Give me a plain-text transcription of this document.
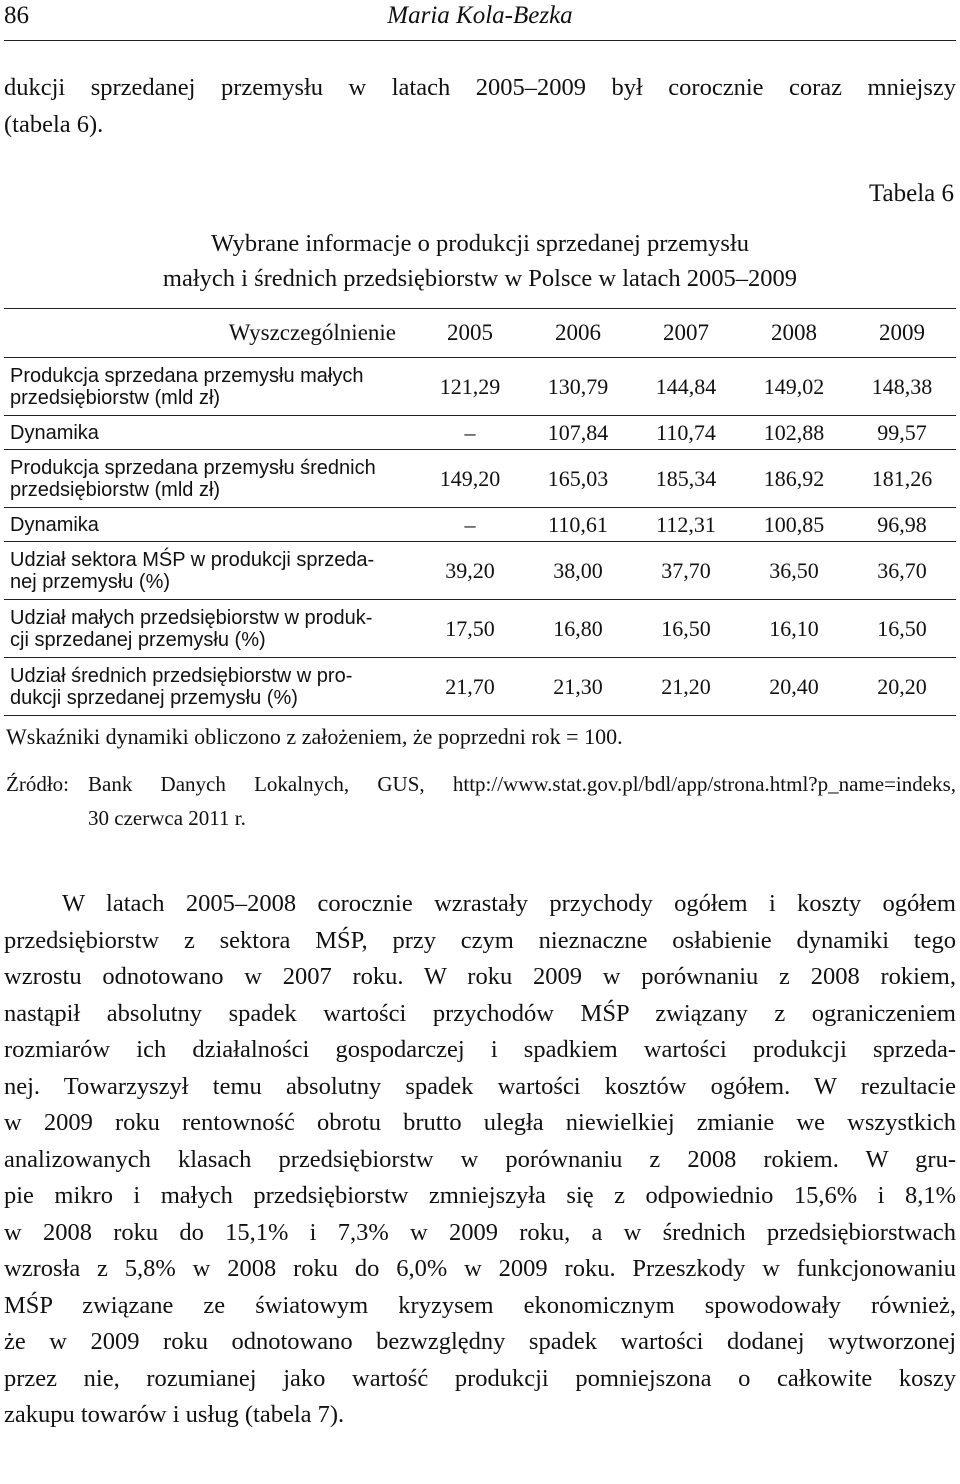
86	Maria Kola-Bezka

dukcji sprzedanej przemysłu w latach 2005–2009 był corocznie coraz mniejszy
(tabela 6).

Tabela 6
Wybrane informacje o produkcji sprzedanej przemysłu
małych i średnich przedsiębiorstw w Polsce w latach 2005–2009
Wyszczególnienie	2005	2006	2007	2008	2009

Produkcja sprzedana przemysłu małych
przedsiębiorstw (mld zł)	121,29	130,79	144,84	149,02	148,38

Dynamika	–	107,84	110,74	102,88	99,57

Produkcja sprzedana przemysłu średnich
przedsiębiorstw (mld zł)	149,20	165,03	185,34	186,92	181,26

Dynamika	–	110,61	112,31	100,85	96,98

Udział sektora MŚP w produkcji sprzeda-
nej przemysłu (%)	39,20	38,00	37,70	36,50	36,70

Udział małych przedsiębiorstw w produk-
cji sprzedanej przemysłu (%)	17,50	16,80	16,50	16,10	16,50

Udział średnich przedsiębiorstw w pro-
dukcji sprzedanej przemysłu (%)	21,70	21,30	21,20	20,40	20,20
Wskaźniki dynamiki obliczono z założeniem, że poprzedni rok = 100.
Źródło: Bank Danych Lokalnych, GUS, http://www.stat.gov.pl/bdl/app/strona.html?p_name=indeks,
30 czerwca 2011 r.

W latach 2005–2008 corocznie wzrastały przychody ogółem i koszty ogółem
przedsiębiorstw z sektora MŚP, przy czym nieznaczne osłabienie dynamiki tego
wzrostu odnotowano w 2007 roku. W roku 2009 w porównaniu z 2008 rokiem,
nastąpił absolutny spadek wartości przychodów MŚP związany z ograniczeniem
rozmiarów ich działalności gospodarczej i spadkiem wartości produkcji sprzeda-
nej. Towarzyszył temu absolutny spadek wartości kosztów ogółem. W rezultacie
w 2009 roku rentowność obrotu brutto uległa niewielkiej zmianie we wszystkich
analizowanych klasach przedsiębiorstw w porównaniu z 2008 rokiem. W gru-
pie mikro i małych przedsiębiorstw zmniejszyła się z odpowiednio 15,6% i 8,1%
w 2008 roku do 15,1% i 7,3% w 2009 roku, a w średnich przedsiębiorstwach
wzrosła z 5,8% w 2008 roku do 6,0% w 2009 roku. Przeszkody w funkcjonowaniu
MŚP związane ze światowym kryzysem ekonomicznym spowodowały również,
że w 2009 roku odnotowano bezwzględny spadek wartości dodanej wytworzonej
przez nie, rozumianej jako wartość produkcji pomniejszona o całkowite koszy
zakupu towarów i usług (tabela 7).
